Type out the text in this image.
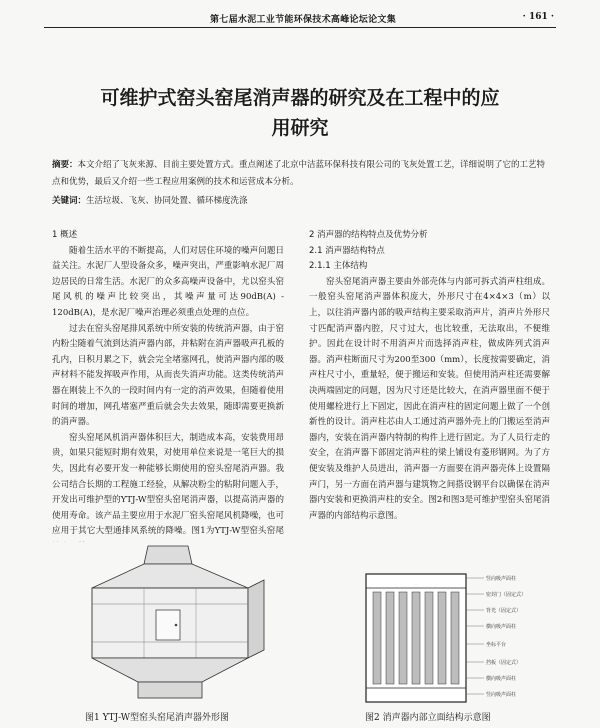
第七届水泥工业节能环保技术高峰论坛论文集	· 161 ·
可维护式窑头窑尾消声器的研究及在工程中的应
用研究
摘要：本文介绍了飞灰来源、目前主要处置方式。重点阐述了北京中洁蓝环保科技有限公司的飞灰处置工艺，详细说明了它的工艺特点和优势，最后又介绍一些工程应用案例的技术和运营成本分析。
关键词：生活垃圾、飞灰、协同处置、循环梯度洗涤

1 概述

随着生活水平的不断提高，人们对居住环境的噪声问题日益关注。水泥厂人型设备众多，噪声突出，严重影响水泥厂周边居民的日常生活。水泥厂的众多高噪声设备中，尤以窑头窑尾风机的噪声比较突出，其噪声量可达90dB(A) - 120dB(A)，是水泥厂噪声治理必须重点处理的点位。

过去在窑头窑尾排风系统中所安装的传统消声器，由于窑内粉尘随着气流到达消声器内部，并粘附在消声器吸声孔板的孔内，日积月累之下，就会完全堵塞网孔，使消声器内部的吸声材料不能发挥吸声作用，从而丧失消声功能。这类传统消声器在刚装上不久的一段时间内有一定的消声效果，但随着使用时间的增加，网孔堵塞严重后就会失去效果，随即需要更换新的消声器。

窑头窑尾风机消声器体积巨大，制造成本高，安装费用昂贵，如果只能短时期有效果，对使用单位来说是一笔巨大的损失，因此有必要开发一种能够长期使用的窑头窑尾消声器。我公司结合长期的工程施工经验，从解决粉尘的粘附问题入手，开发出可维护型的YTJ-W型窑头窑尾消声器，以提高消声器的使用寿命。该产品主要应用于水泥厂窑头窑尾风机降噪，也可应用于其它大型通排风系统的降噪。图1为YTJ-W型窑头窑尾

2 消声器的结构特点及优势分析

2.1 消声器结构特点

2.1.1 主体结构

窑头窑尾消声器主要由外部壳体与内部可拆式消声柱组成。一般窑头窑尾消声器体积庞大，外形尺寸在4×4×3（m）以上，以往消声器内部的吸声结构主要采取消声片，消声片外形尺寸匹配消声器内腔，尺寸过大，也比较重，无法取出，不便维护。因此在设计时不用消声片而选择消声柱，做成阵列式消声器。消声柱断面尺寸为200至300（mm），长度按需要确定，消声柱尺寸小，重量轻，便于搬运和安装。但使用消声柱还需要解决两端固定的问题，因为尺寸还是比较大，在消声器里面不便于使用螺栓进行上下固定，因此在消声柱的固定问题上做了一个创新性的设计。消声柱芯由人工通过消声器外壳上的门搬运至消声器内，安装在消声器内特制的构件上进行固定。为了人员行走的安全，在消声器下部固定消声柱的梁上铺设有菱形钢网。为了方便安装及维护人员进出，消声器一方面要在消声器壳体上设置隔声门，另一方面在消声器与建筑物之间搭设钢平台以确保在消声器内安装和更换消声柱的安全。图2和图3是可维护型窑头窑尾消声器的内部结构示意图。

图1 YTJ-W型窑头窑尾消声器外形图
竖向吸声面柱
密封门（固定式）
背光（固定式）
横向吸声面柱
坐标平台
挡板（固定式）
横向吸声面柱
竖向吸声面柱
图2 消声器内部立面结构示意图
